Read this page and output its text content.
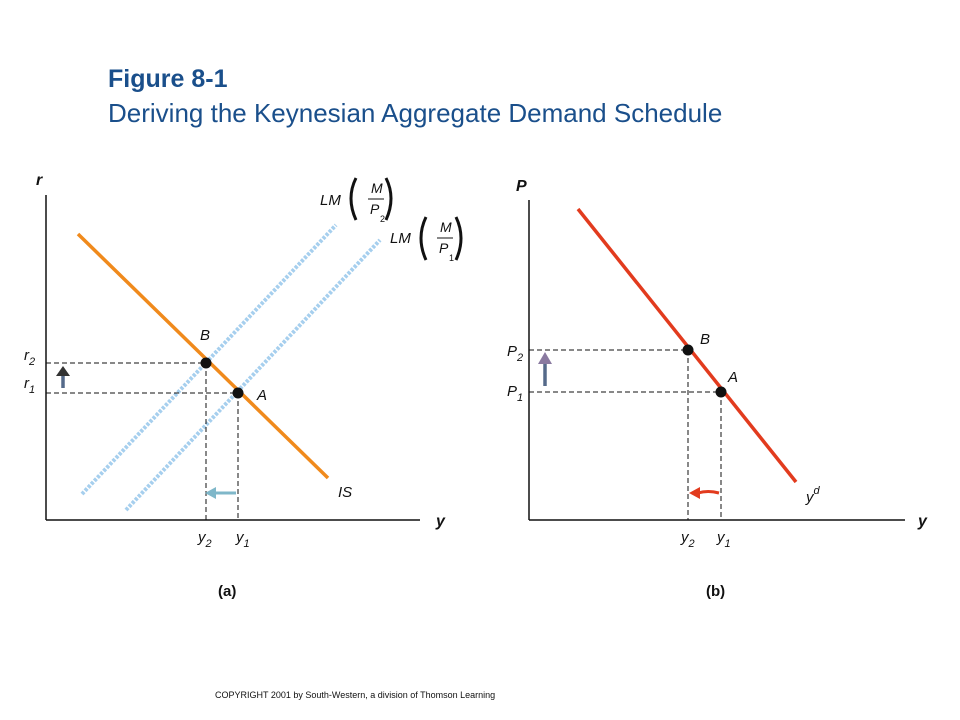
Figure 8-1
Deriving the Keynesian Aggregate Demand Schedule
r
y
B
A
$r_2$
$r_1$
$y_2$ $y_1$
IS
LM
M
P
2
LM
M
P
1
(a)
P
y
B
A
$P_2$
$P_1$
$y_2$ $y_1$
$y^d$
(b)
COPYRIGHT 2001 by South-Western, a division of Thomson Learning
